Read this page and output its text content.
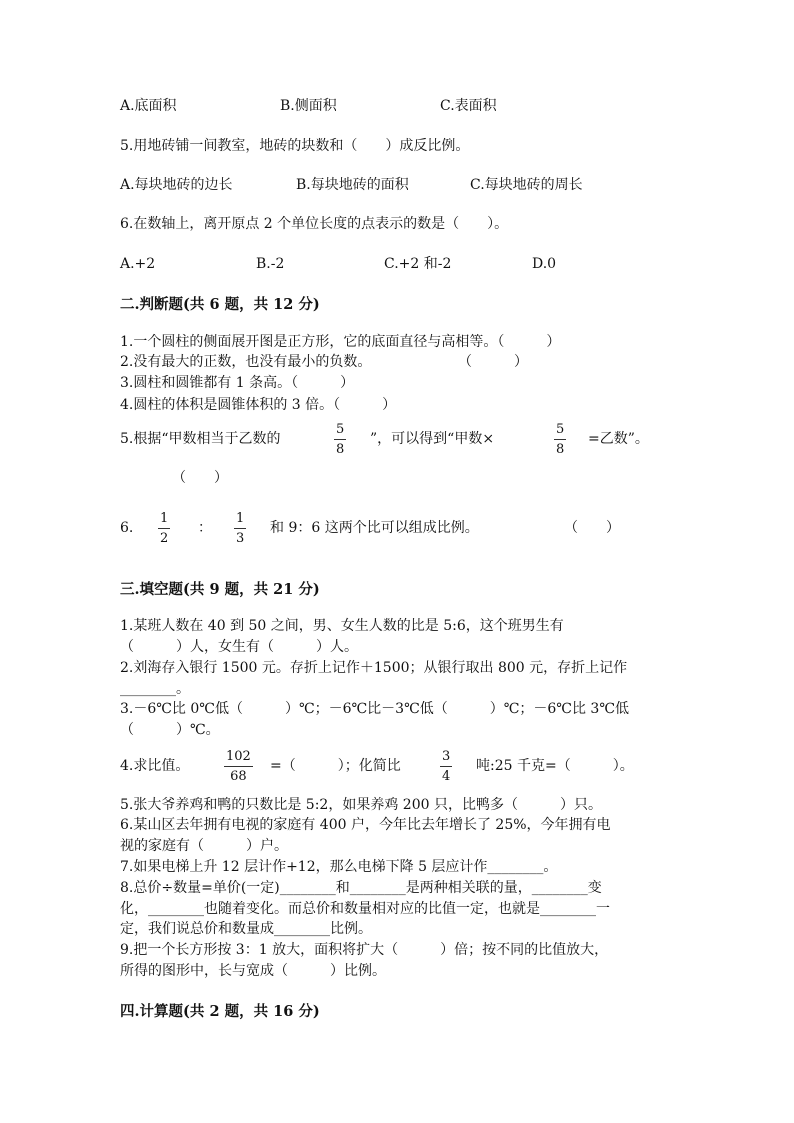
A.底面积	B.侧面积	C.表面积
5.用地砖铺一间教室，地砖的块数和（　　）成反比例。
A.每块地砖的边长	B.每块地砖的面积	C.每块地砖的周长
6.在数轴上，离开原点 2 个单位长度的点表示的数是（　　）。
A.+2	B.-2	C.+2 和-2	D.0
二.判断题(共 6 题，共 12 分)
1.一个圆柱的侧面展开图是正方形，它的底面直径与高相等。（　　　）
2.没有最大的正数，也没有最小的负数。	（　　　）
3.圆柱和圆锥都有 1 条高。（　　　）
4.圆柱的体积是圆锥体积的 3 倍。（　　　）
5.根据“甲数相当于乙数的
5
8
”，可以得到“甲数×
5
8
=乙数”。
（　　）
6.
1
2
：
1
3
和 9：6 这两个比可以组成比例。	（　　）
三.填空题(共 9 题，共 21 分)
1.某班人数在 40 到 50 之间，男、女生人数的比是 5:6，这个班男生有
（　　　）人，女生有（　　　）人。
2.刘海存入银行 1500 元。存折上记作＋1500；从银行取出 800 元，存折上记作
________。
3.－6℃比 0℃低（　　　）℃；－6℃比－3℃低（　　　）℃；－6℃比 3℃低
（　　　）℃。
4.求比值。
102
68
=（　　　）；化简比
3
4
吨:25 千克=（　　　）。
5.张大爷养鸡和鸭的只数比是 5:2，如果养鸡 200 只，比鸭多（　　　）只。
6.某山区去年拥有电视的家庭有 400 户，今年比去年增长了 25%，今年拥有电
视的家庭有（　　　）户。
7.如果电梯上升 12 层计作+12，那么电梯下降 5 层应计作________。
8.总价÷数量=单价(一定)________和________是两种相关联的量，________变
化，________也随着变化。而总价和数量相对应的比值一定，也就是________一
定，我们说总价和数量成________比例。
9.把一个长方形按 3：1 放大，面积将扩大（　　　）倍；按不同的比值放大，
所得的图形中，长与宽成（　　　）比例。
四.计算题(共 2 题，共 16 分)
